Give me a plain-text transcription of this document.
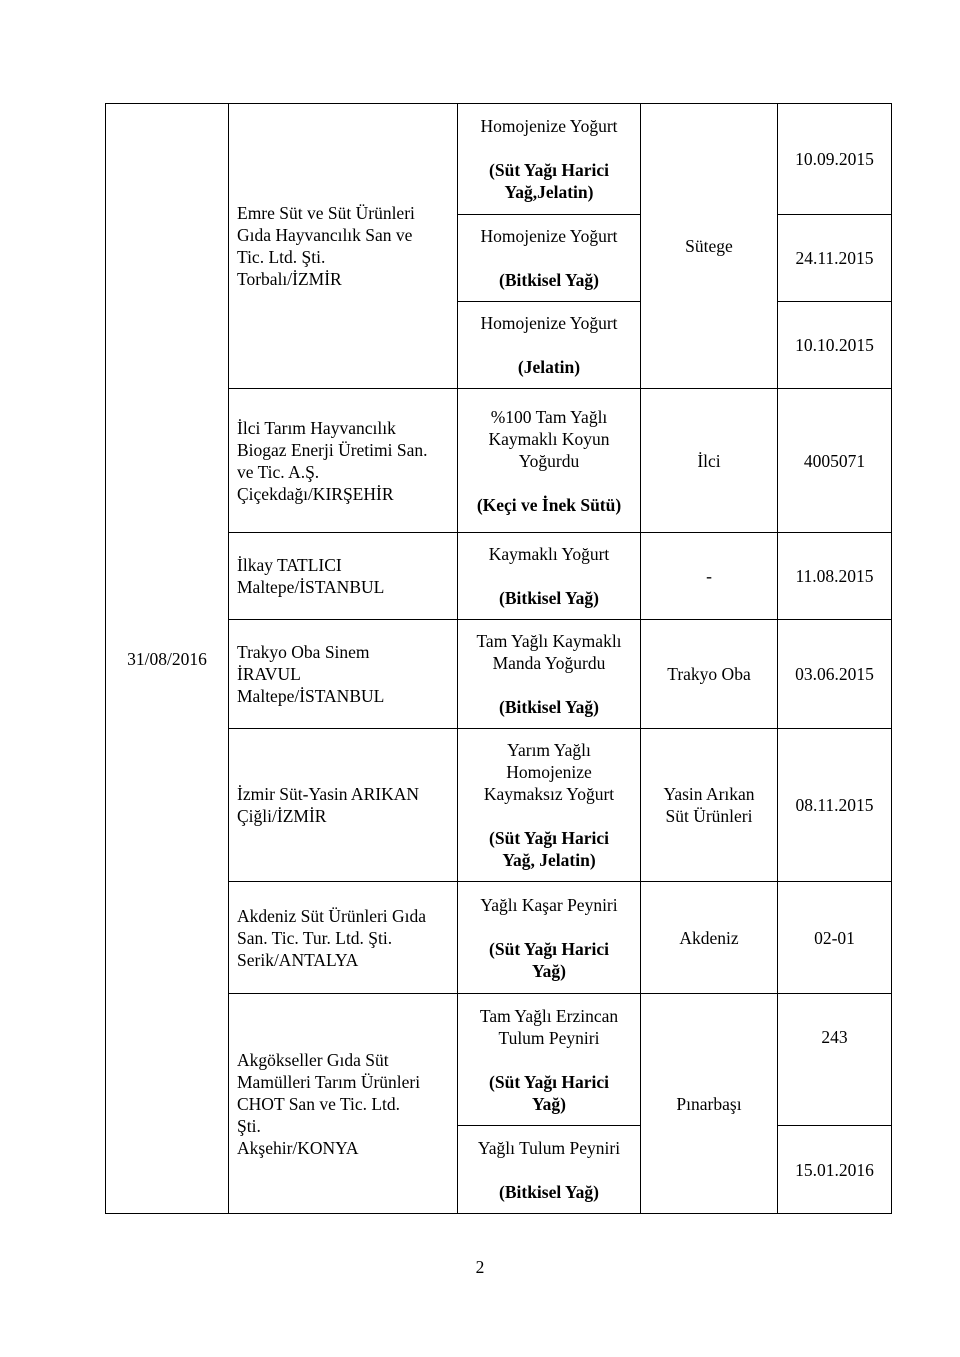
31/08/2016	Emre Süt ve Süt Ürünleri
Gıda Hayvancılık San ve
Tic. Ltd. Şti.
Torbalı/İZMİR	Homojenize Yoğurt
(Süt Yağı Harici
Yağ,Jelatin)	Sütege	10.09.2015

		Homojenize Yoğurt
(Bitkisel Yağ)		24.11.2015

		Homojenize Yoğurt
(Jelatin)		10.10.2015

	İlci Tarım Hayvancılık
Biogaz Enerji Üretimi San.
ve Tic. A.Ş.
Çiçekdağı/KIRŞEHİR	%100 Tam Yağlı
Kaymaklı Koyun
Yoğurdu
(Keçi ve İnek Sütü)	İlci	4005071

	İlkay TATLICI
Maltepe/İSTANBUL	Kaymaklı Yoğurt
(Bitkisel Yağ)	-	11.08.2015

	Trakyo Oba Sinem
İRAVUL
Maltepe/İSTANBUL	Tam Yağlı Kaymaklı
Manda Yoğurdu
(Bitkisel Yağ)	Trakyo Oba	03.06.2015

	İzmir Süt-Yasin ARIKAN
Çiğli/İZMİR	Yarım Yağlı
Homojenize
Kaymaksız Yoğurt
(Süt Yağı Harici
Yağ, Jelatin)	Yasin Arıkan
Süt Ürünleri	08.11.2015

	Akdeniz Süt Ürünleri Gıda
San. Tic. Tur. Ltd. Şti.
Serik/ANTALYA	Yağlı Kaşar Peyniri
(Süt Yağı Harici
Yağ)	Akdeniz	02-01

	Akgökseller Gıda Süt
Mamülleri Tarım Ürünleri
CHOT San ve Tic. Ltd.
Şti.
Akşehir/KONYA	Tam Yağlı Erzincan
Tulum Peyniri
(Süt Yağı Harici
Yağ)	Pınarbaşı	243

		Yağlı Tulum Peyniri
(Bitkisel Yağ)		15.01.2016
2
